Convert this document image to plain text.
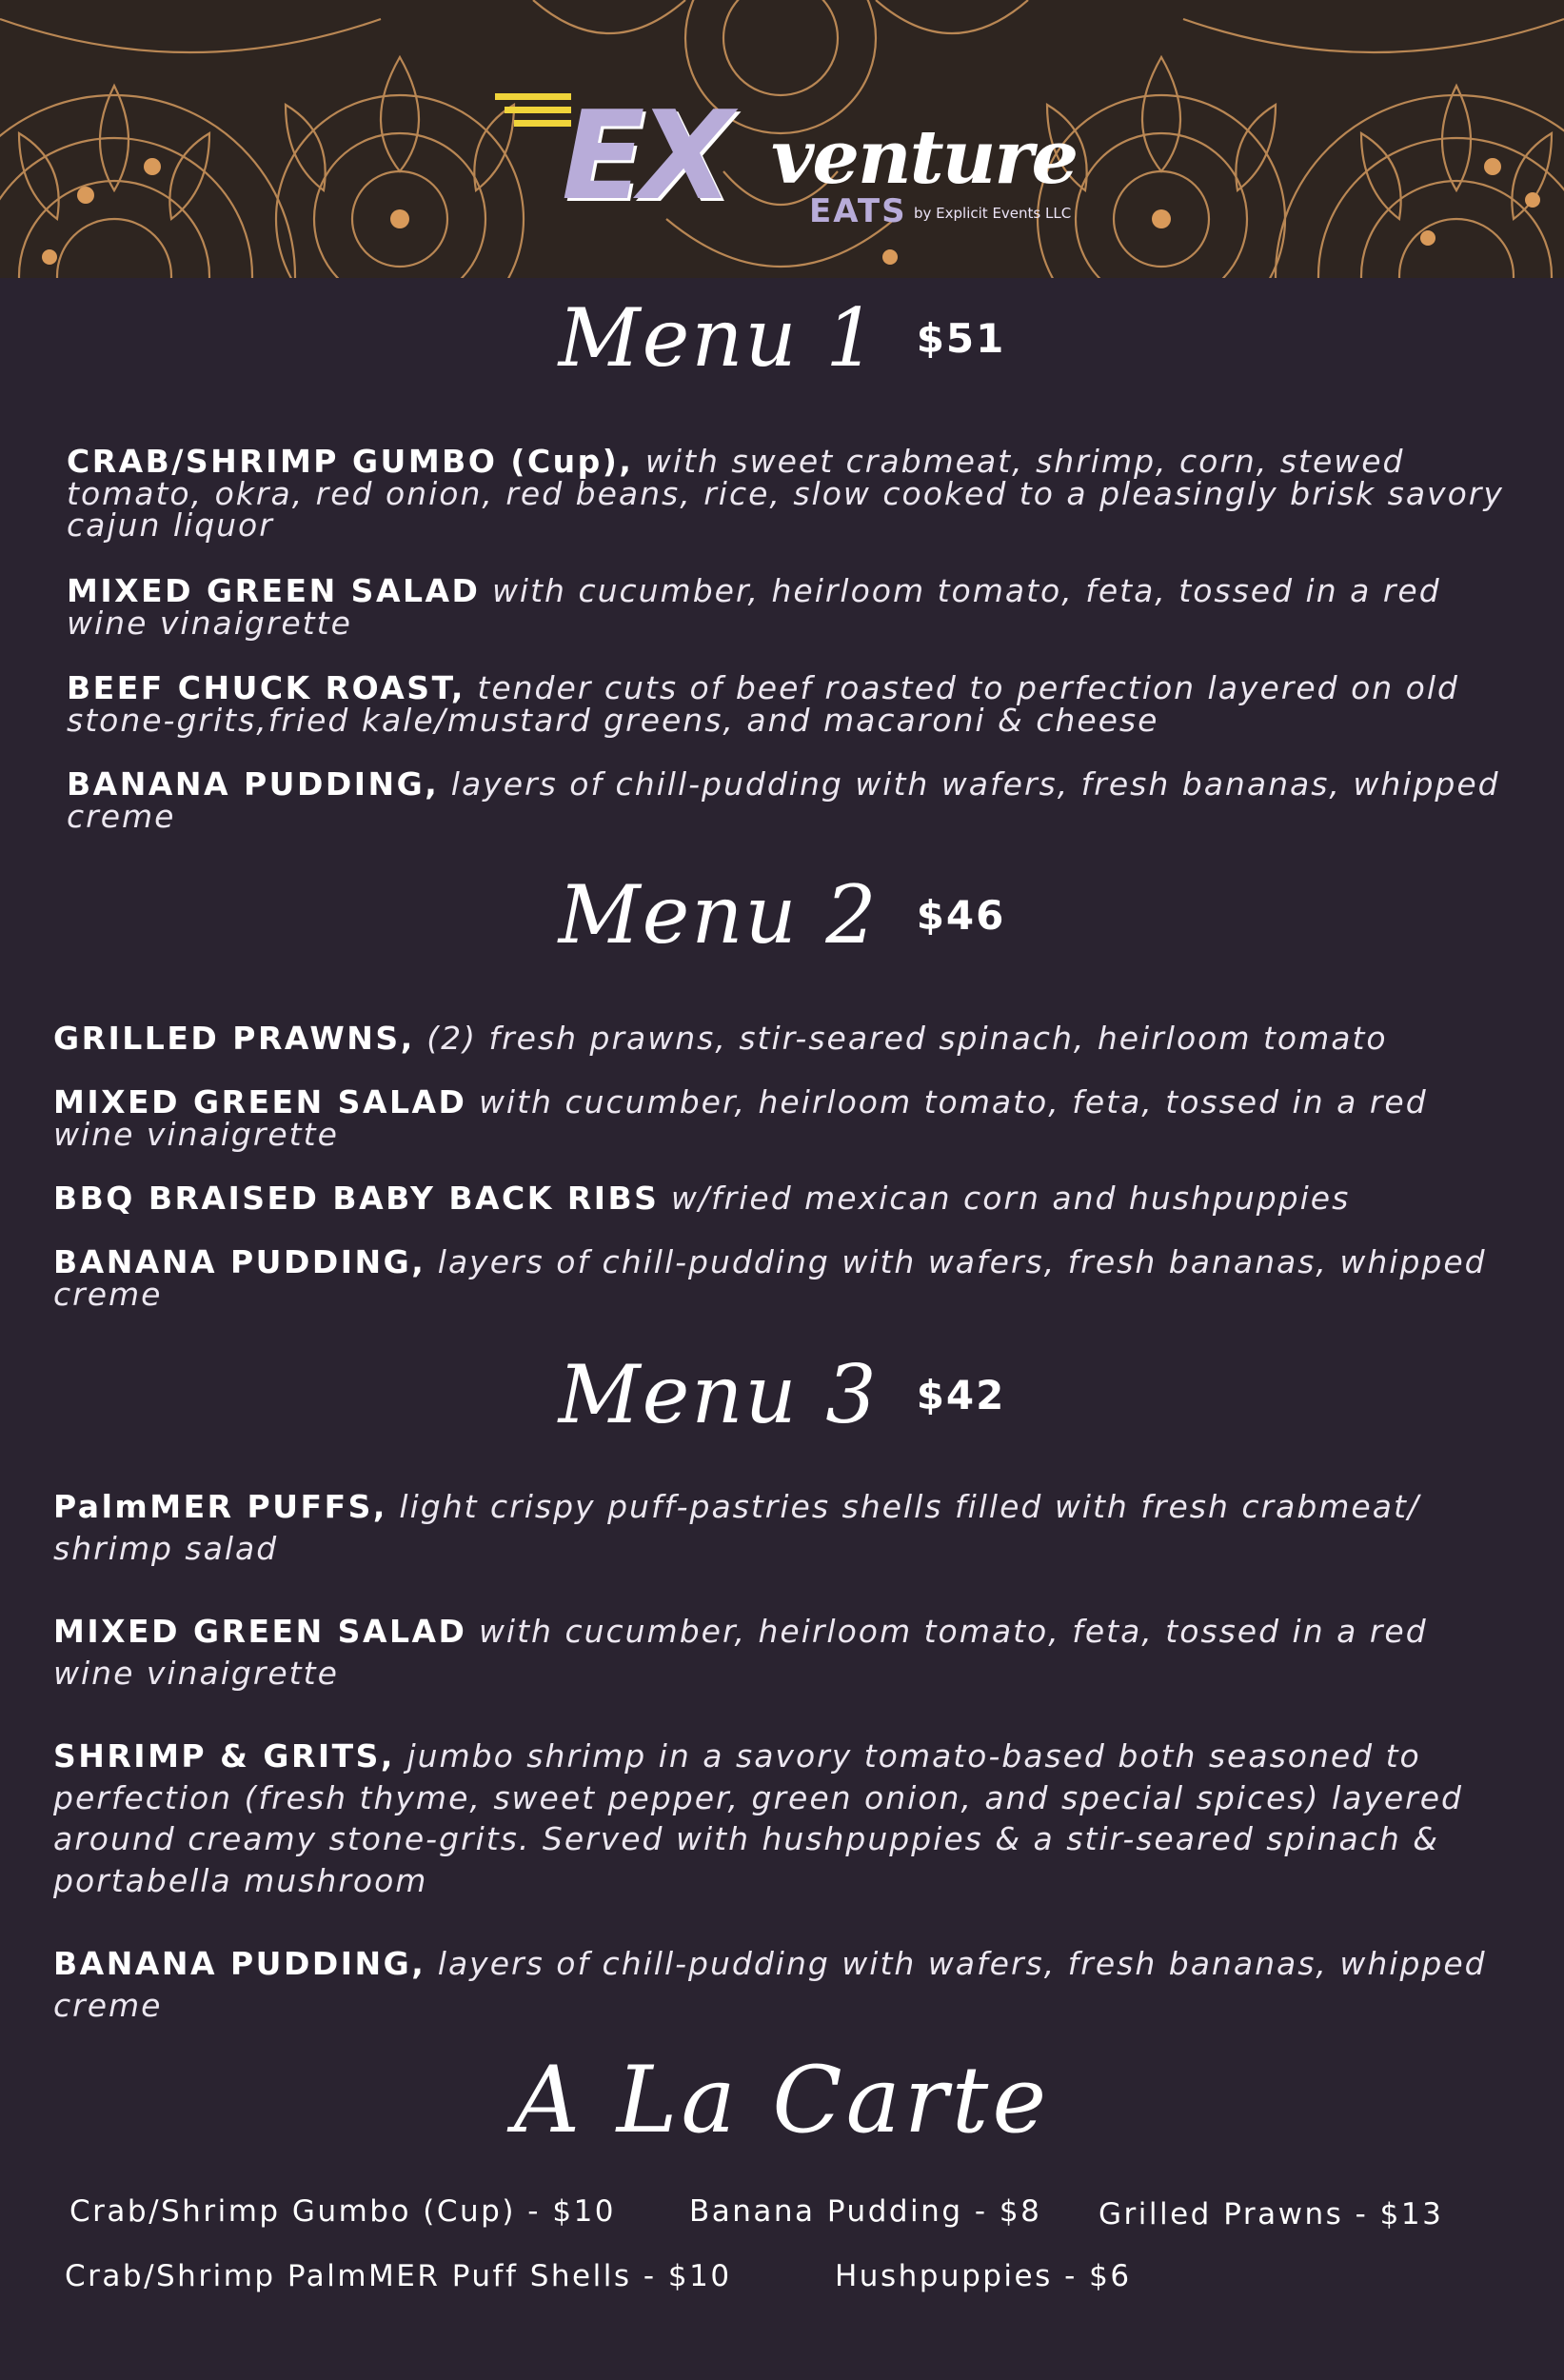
EX venture
EATS by Explicit Events LLC
Menu 1 $51
CRAB/SHRIMP GUMBO (Cup), with sweet crabmeat, shrimp, corn, stewed tomato, okra, red onion, red beans, rice, slow cooked to a pleasingly brisk savory cajun liquor
MIXED GREEN SALAD with cucumber, heirloom tomato, feta, tossed in a red wine vinaigrette
BEEF CHUCK ROAST, tender cuts of beef roasted to perfection layered on old stone-grits,fried kale/mustard greens, and macaroni & cheese
BANANA PUDDING, layers of chill-pudding with wafers, fresh bananas, whipped creme
Menu 2 $46
GRILLED PRAWNS, (2) fresh prawns, stir-seared spinach, heirloom tomato
MIXED GREEN SALAD with cucumber, heirloom tomato, feta, tossed in a red wine vinaigrette
BBQ BRAISED BABY BACK RIBS w/fried mexican corn and hushpuppies
BANANA PUDDING, layers of chill-pudding with wafers, fresh bananas, whipped creme
Menu 3 $42
PalmMER PUFFS, light crispy puff-pastries shells filled with fresh crabmeat/ shrimp salad
MIXED GREEN SALAD with cucumber, heirloom tomato, feta, tossed in a red wine vinaigrette
SHRIMP & GRITS, jumbo shrimp in a savory tomato-based both seasoned to perfection (fresh thyme, sweet pepper, green onion, and special spices) layered around creamy stone-grits. Served with hushpuppies & a stir-seared spinach & portabella mushroom
BANANA PUDDING, layers of chill-pudding with wafers, fresh bananas, whipped creme
A La Carte
Crab/Shrimp Gumbo (Cup) - $10 Banana Pudding - $8 Grilled Prawns - $13
Crab/Shrimp PalmMER Puff Shells - $10	Hushpuppies - $6
